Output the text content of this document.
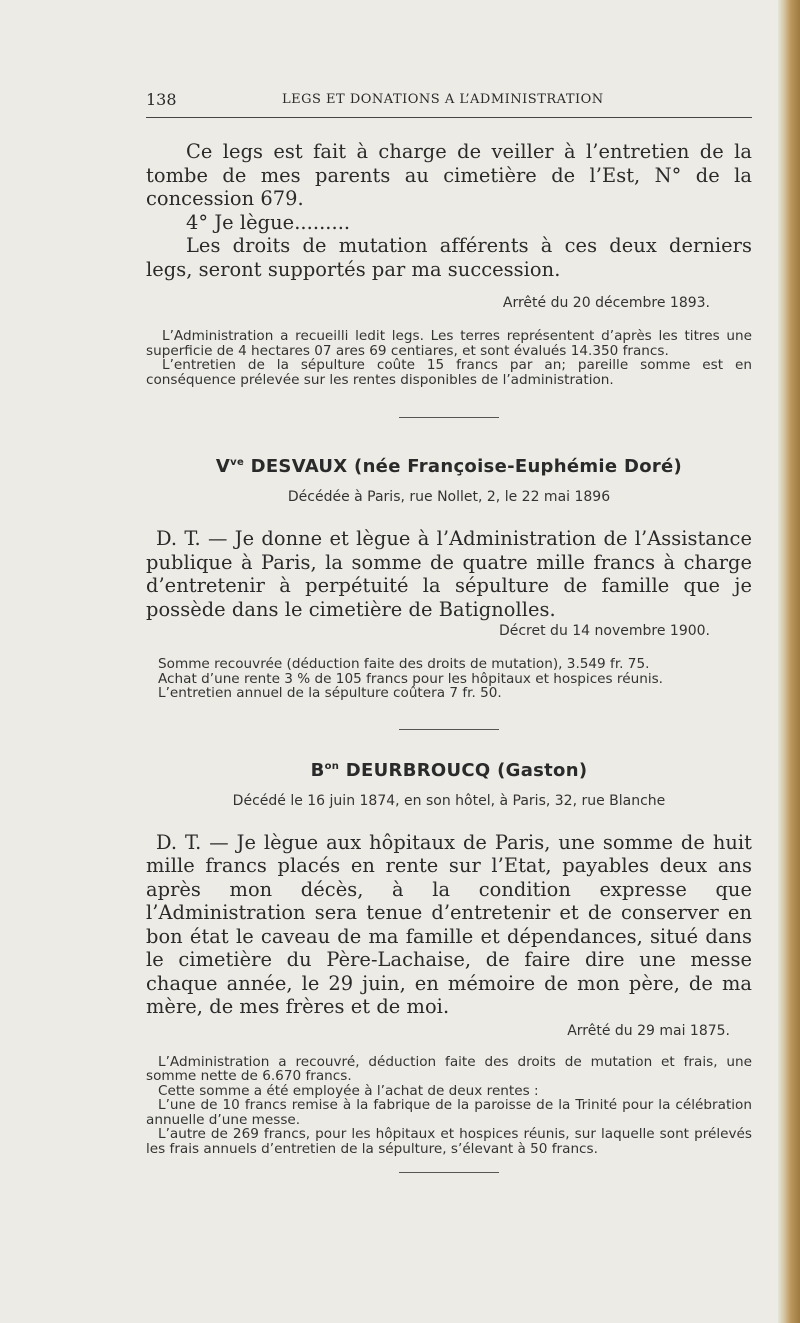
138	LEGS ET DONATIONS A L’ADMINISTRATION

Ce legs est fait à charge de veiller à l’entretien de la tombe de mes parents au cimetière de l’Est, N° de la concession 679.

4° Je lègue.........

Les droits de mutation afférents à ces deux derniers legs, seront supportés par ma succession.

Arrêté du 20 décembre 1893.

L’Administration a recueilli ledit legs. Les terres représentent d’après les titres une superficie de 4 hectares 07 ares 69 centiares, et sont évalués 14.350 francs.

L’entretien de la sépulture coûte 15 francs par an; pareille somme est en conséquence prélevée sur les rentes disponibles de l’administration.

$V^{ve}$ DESVAUX (née Françoise-Euphémie Doré)

Décédée à Paris, rue Nollet, 2, le 22 mai 1896

D. T. — Je donne et lègue à l’Administration de l’Assistance publique à Paris, la somme de quatre mille francs à charge d’entretenir à perpétuité la sépulture de famille que je possède dans le cimetière de Batignolles.

Décret du 14 novembre 1900.

Somme recouvrée (déduction faite des droits de mutation), 3.549 fr. 75.

Achat d’une rente 3 % de 105 francs pour les hôpitaux et hospices réunis.

L’entretien annuel de la sépulture coûtera 7 fr. 50.

$B^{on}$ DEURBROUCQ (Gaston)

Décédé le 16 juin 1874, en son hôtel, à Paris, 32, rue Blanche

D. T. — Je lègue aux hôpitaux de Paris, une somme de huit mille francs placés en rente sur l’Etat, payables deux ans après mon décès, à la condition expresse que l’Administration sera tenue d’entretenir et de conserver en bon état le caveau de ma famille et dépendances, situé dans le cimetière du Père-Lachaise, de faire dire une messe chaque année, le 29 juin, en mémoire de mon père, de ma mère, de mes frères et de moi.

Arrêté du 29 mai 1875.

L’Administration a recouvré, déduction faite des droits de mutation et frais, une somme nette de 6.670 francs.

Cette somme a été employée à l’achat de deux rentes :

L’une de 10 francs remise à la fabrique de la paroisse de la Trinité pour la célébration annuelle d’une messe.

L’autre de 269 francs, pour les hôpitaux et hospices réunis, sur laquelle sont prélevés les frais annuels d’entretien de la sépulture, s’élevant à 50 francs.
